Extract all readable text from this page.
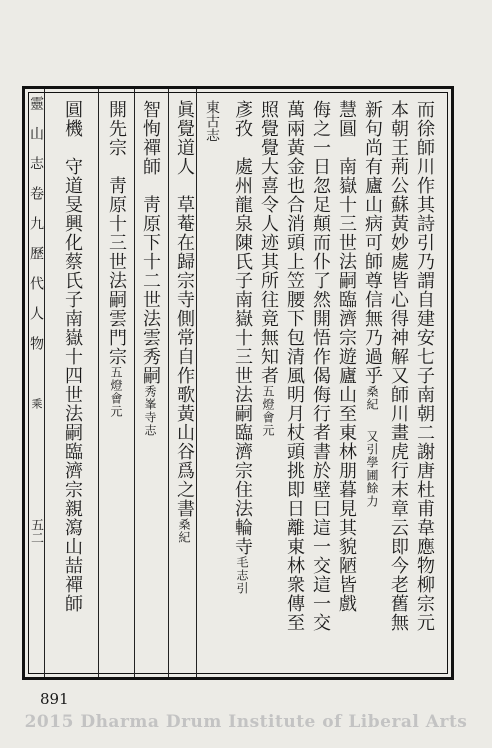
靈 山 志 卷 九 歷 代 人 物
五二
乘	而徐師川作其詩引乃謂自建安七子南朝二謝唐杜甫韋應物柳宗元
本朝王荊公蘇黃妙處皆心得神解又師川畫虎行末章云即今老舊無
新句尚有廬山病可師尊信無乃過乎桑紀　又引學圃餘力
慧圓　南嶽十三世法嗣臨濟宗遊廬山至東林朋暮見其貌陋皆戲
侮之一日忽足顛而仆了然開悟作偈侮行者書於壁曰這一交這一交
萬兩黃金也合消頭上笠腰下包清風明月杖頭挑即日離東林衆傳至
照覺覺大喜令人迹其所往竟無知者五燈會元
彥孜　處州龍泉陳氏子南嶽十三世法嗣臨濟宗住法輪寺毛志引
東古志
眞覺道人　草菴在歸宗寺側常自作歌黃山谷爲之書桑紀
智恂禪師　靑原下十二世法雲秀嗣秀峯寺志
開先宗　靑原十三世法嗣雲門宗五燈會元
圓機　守道旻興化蔡氏子南嶽十四世法嗣臨濟宗親瀉山喆禪師
891
2015 Dharma Drum Institute of Liberal Arts
